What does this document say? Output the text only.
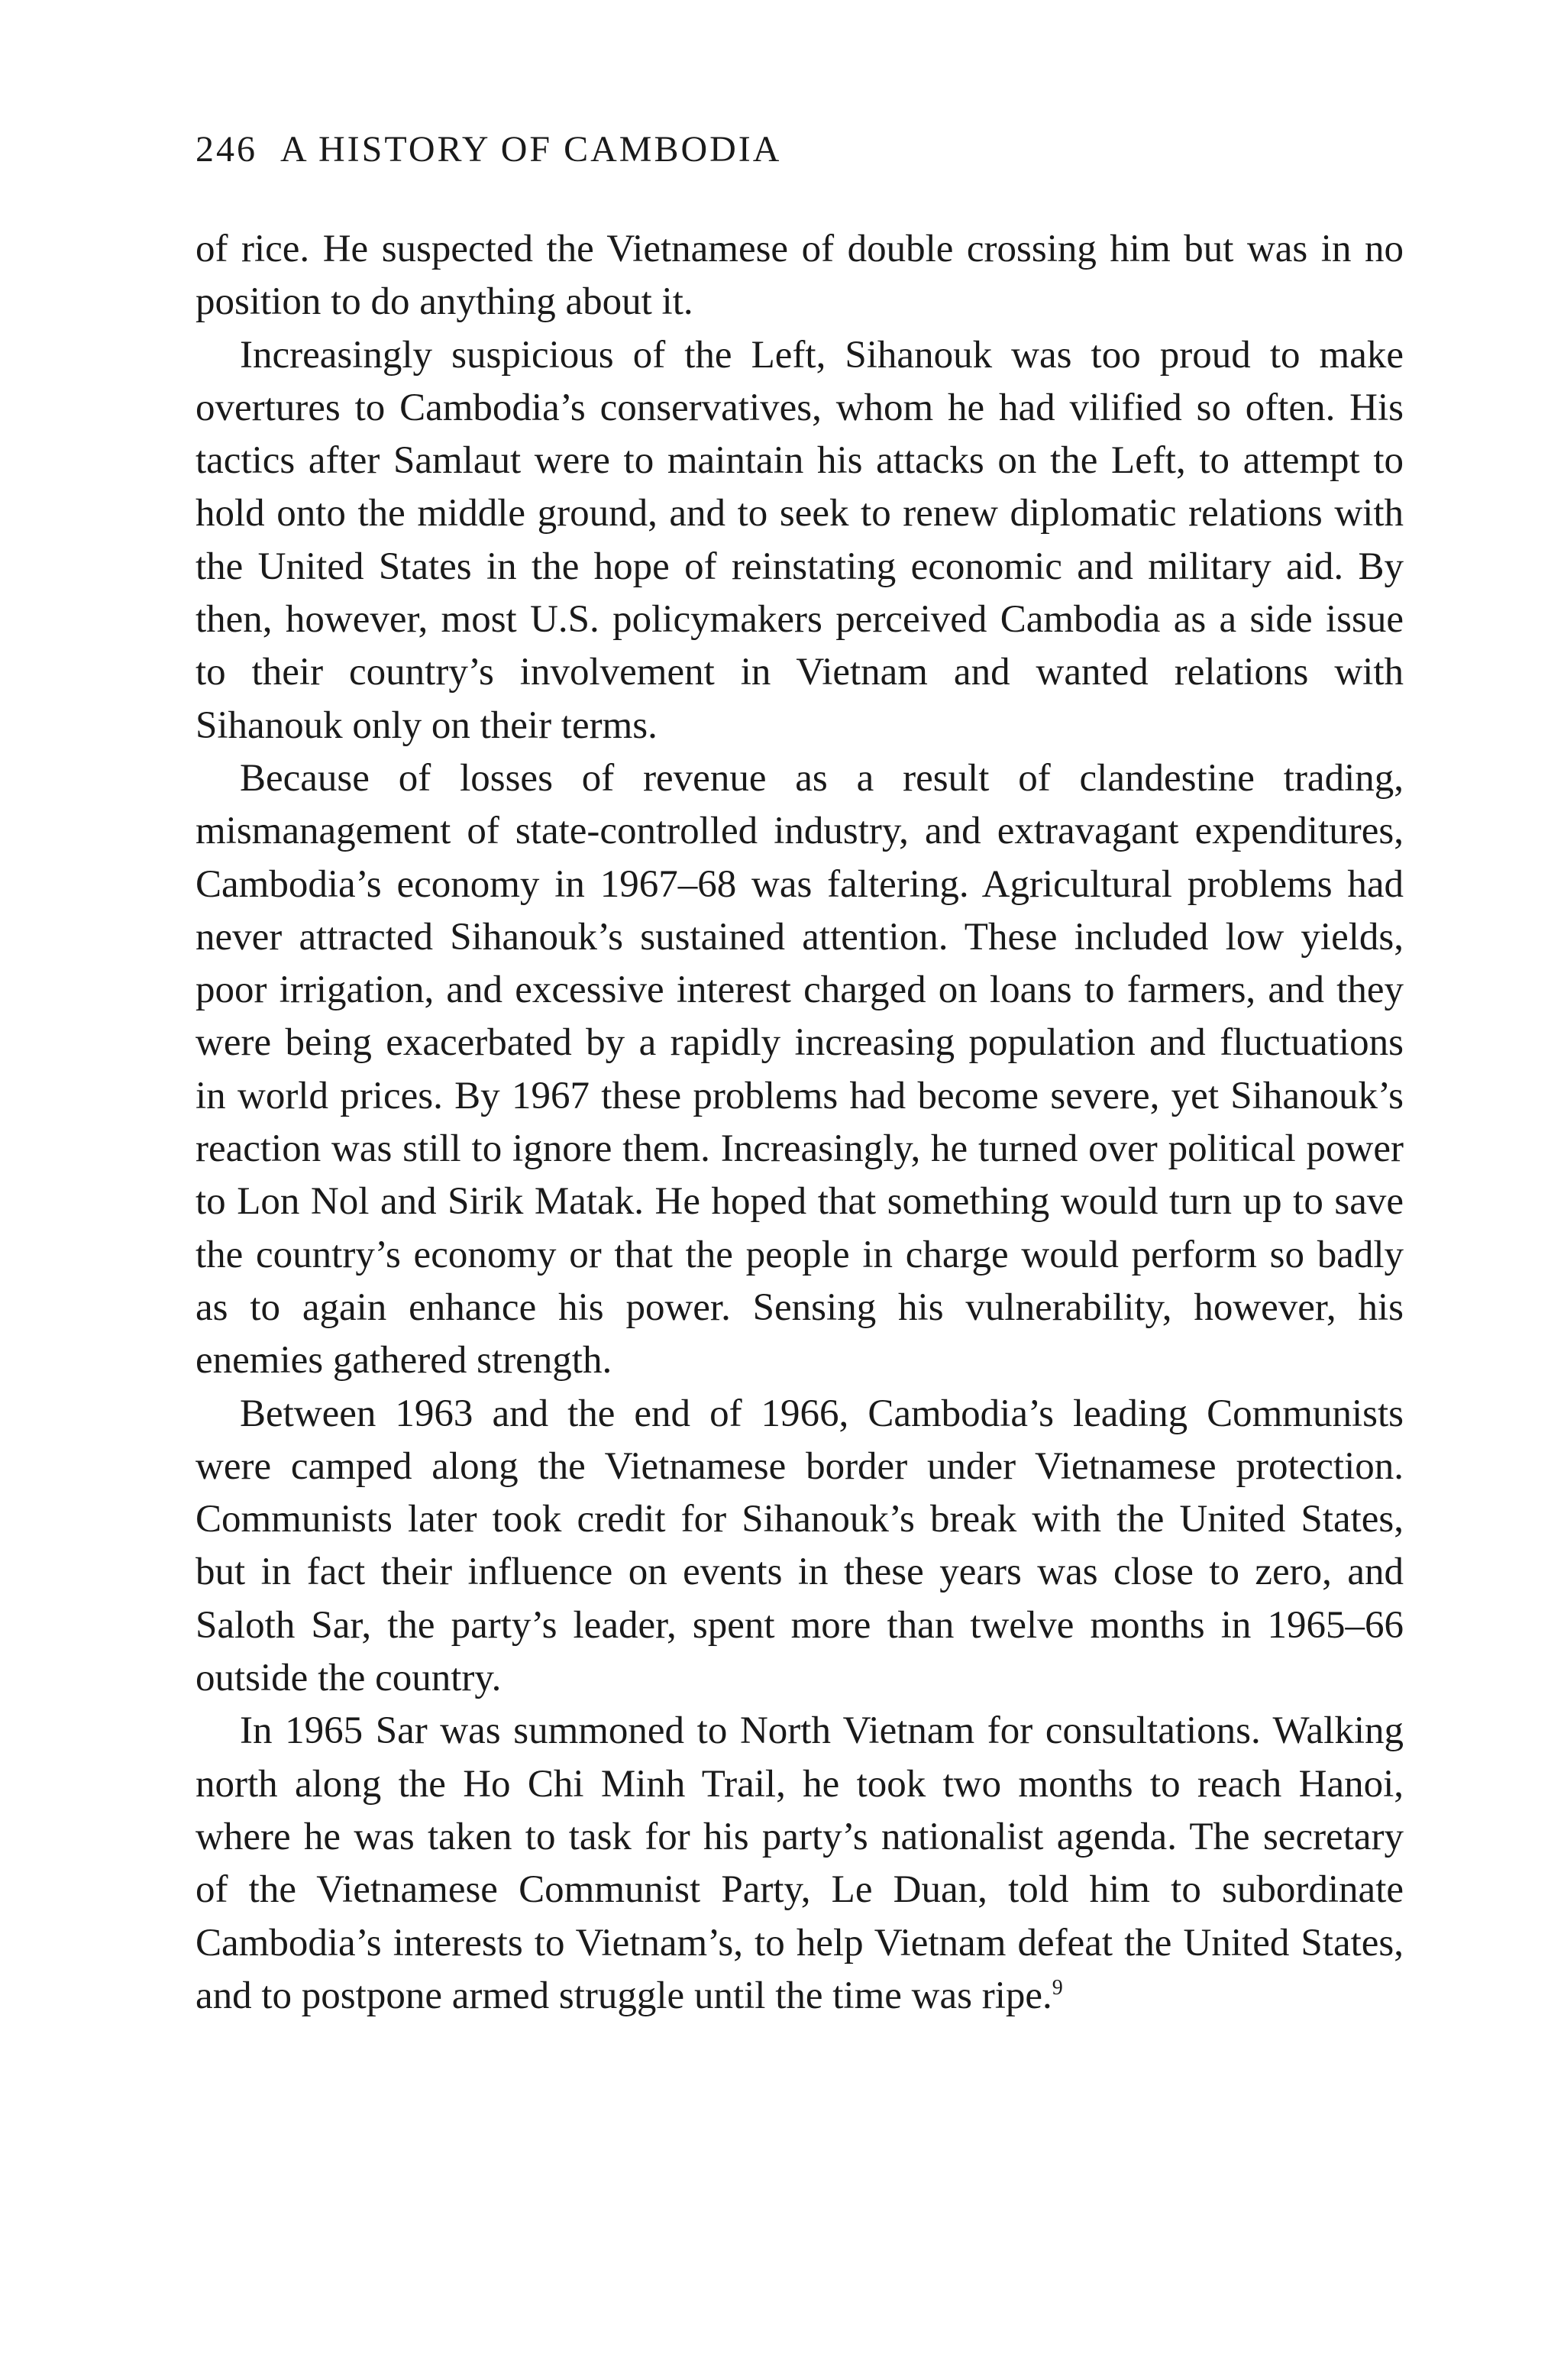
246 A HISTORY OF CAMBODIA

of rice. He suspected the Vietnamese of double crossing him but was in no position to do anything about it.

Increasingly suspicious of the Left, Sihanouk was too proud to make overtures to Cambodia’s conservatives, whom he had vilified so often. His tactics after Samlaut were to maintain his attacks on the Left, to attempt to hold onto the middle ground, and to seek to renew diplomatic relations with the United States in the hope of reinstating economic and military aid. By then, however, most U.S. policymakers perceived Cambodia as a side issue to their country’s involvement in Vietnam and wanted relations with Sihanouk only on their terms.

Because of losses of revenue as a result of clandestine trading, mismanagement of state-controlled industry, and extravagant expenditures, Cambodia’s economy in 1967–68 was faltering. Agricultural problems had never attracted Sihanouk’s sustained attention. These included low yields, poor irrigation, and excessive interest charged on loans to farmers, and they were being exacerbated by a rapidly increasing population and fluctuations in world prices. By 1967 these problems had become severe, yet Sihanouk’s reaction was still to ignore them. Increasingly, he turned over political power to Lon Nol and Sirik Matak. He hoped that something would turn up to save the country’s economy or that the people in charge would perform so badly as to again enhance his power. Sensing his vulnerability, however, his enemies gathered strength.

Between 1963 and the end of 1966, Cambodia’s leading Communists were camped along the Vietnamese border under Vietnamese protection. Communists later took credit for Sihanouk’s break with the United States, but in fact their influence on events in these years was close to zero, and Saloth Sar, the party’s leader, spent more than twelve months in 1965–66 outside the country.

In 1965 Sar was summoned to North Vietnam for consultations. Walking north along the Ho Chi Minh Trail, he took two months to reach Hanoi, where he was taken to task for his party’s nationalist agenda. The secretary of the Vietnamese Communist Party, Le Duan, told him to subordinate Cambodia’s interests to Vietnam’s, to help Vietnam defeat the United States, and to postpone armed struggle until the time was ripe.$^9$
